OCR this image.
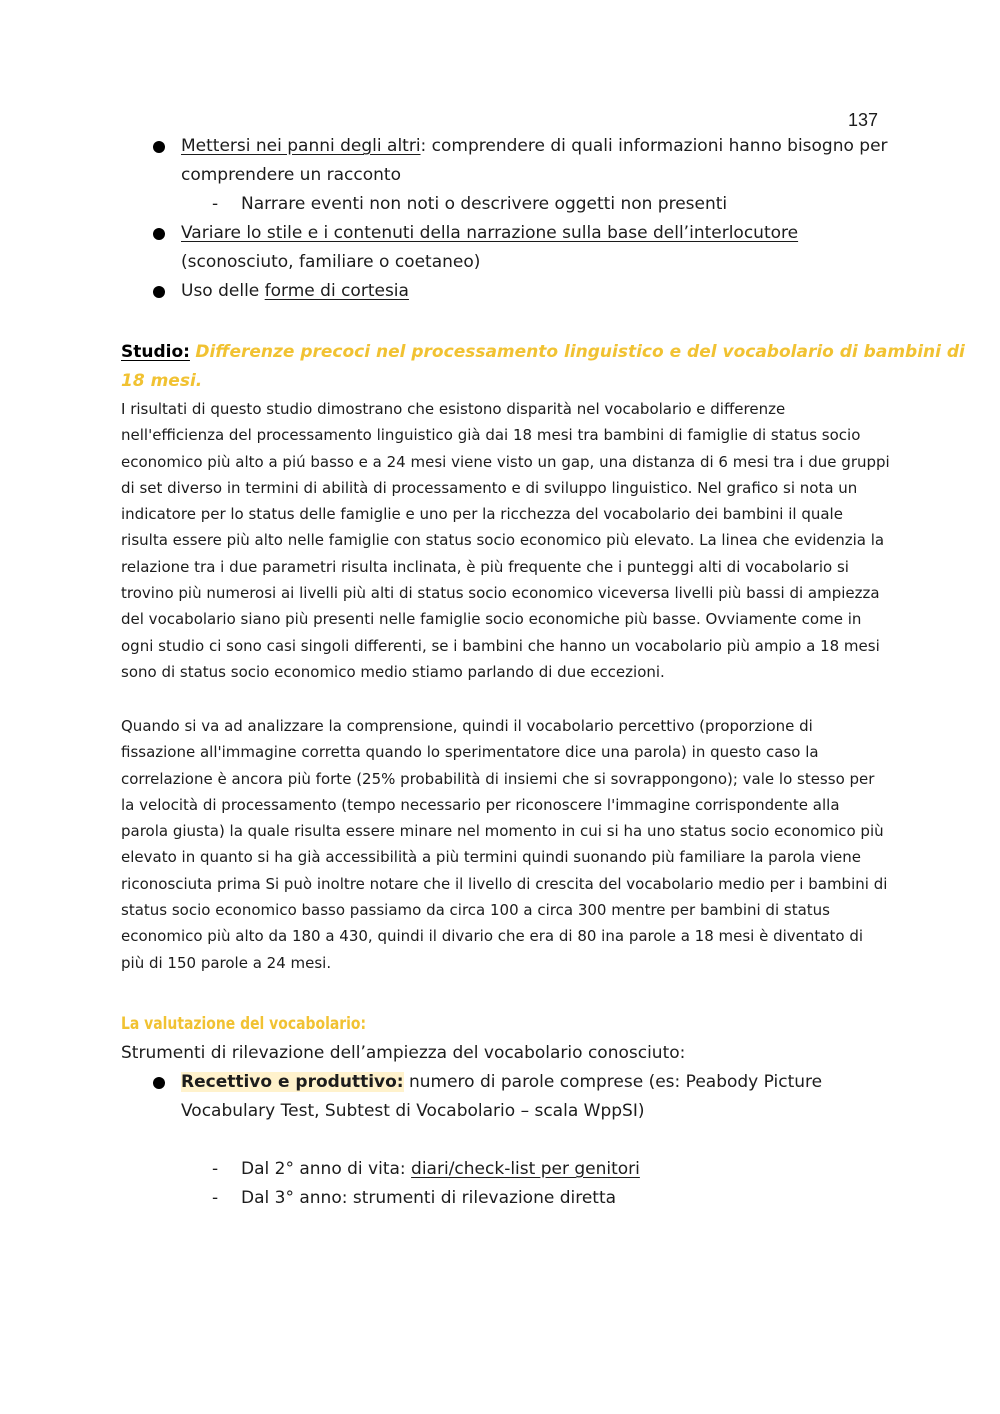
137
Mettersi nei panni degli altri: comprendere di quali informazioni hanno bisogno per
comprendere un racconto
- Narrare eventi non noti o descrivere oggetti non presenti
Variare lo stile e i contenuti della narrazione sulla base dell’interlocutore
(sconosciuto, familiare o coetaneo)
Uso delle forme di cortesia
Studio: Differenze precoci nel processamento linguistico e del vocabolario di bambini di
18 mesi.
I risultati di questo studio dimostrano che esistono disparità nel vocabolario e differenze
nell'efficienza del processamento linguistico già dai 18 mesi tra bambini di famiglie di status socio
economico più alto a piú basso e a 24 mesi viene visto un gap, una distanza di 6 mesi tra i due gruppi
di set diverso in termini di abilità di processamento e di sviluppo linguistico. Nel grafico si nota un
indicatore per lo status delle famiglie e uno per la ricchezza del vocabolario dei bambini il quale
risulta essere più alto nelle famiglie con status socio economico più elevato. La linea che evidenzia la
relazione tra i due parametri risulta inclinata, è più frequente che i punteggi alti di vocabolario si
trovino più numerosi ai livelli più alti di status socio economico viceversa livelli più bassi di ampiezza
del vocabolario siano più presenti nelle famiglie socio economiche più basse. Ovviamente come in
ogni studio ci sono casi singoli differenti, se i bambini che hanno un vocabolario più ampio a 18 mesi
sono di status socio economico medio stiamo parlando di due eccezioni.
Quando si va ad analizzare la comprensione, quindi il vocabolario percettivo (proporzione di
fissazione all'immagine corretta quando lo sperimentatore dice una parola) in questo caso la
correlazione è ancora più forte (25% probabilità di insiemi che si sovrappongono); vale lo stesso per
la velocità di processamento (tempo necessario per riconoscere l'immagine corrispondente alla
parola giusta) la quale risulta essere minare nel momento in cui si ha uno status socio economico più
elevato in quanto si ha già accessibilità a più termini quindi suonando più familiare la parola viene
riconosciuta prima Si può inoltre notare che il livello di crescita del vocabolario medio per i bambini di
status socio economico basso passiamo da circa 100 a circa 300 mentre per bambini di status
economico più alto da 180 a 430, quindi il divario che era di 80 ina parole a 18 mesi è diventato di
più di 150 parole a 24 mesi.
La valutazione del vocabolario:
Strumenti di rilevazione dell’ampiezza del vocabolario conosciuto:
Recettivo e produttivo: numero di parole comprese (es: Peabody Picture
Vocabulary Test, Subtest di Vocabolario – scala WppSI)
- Dal 2° anno di vita: diari/check-list per genitori
- Dal 3° anno: strumenti di rilevazione diretta
